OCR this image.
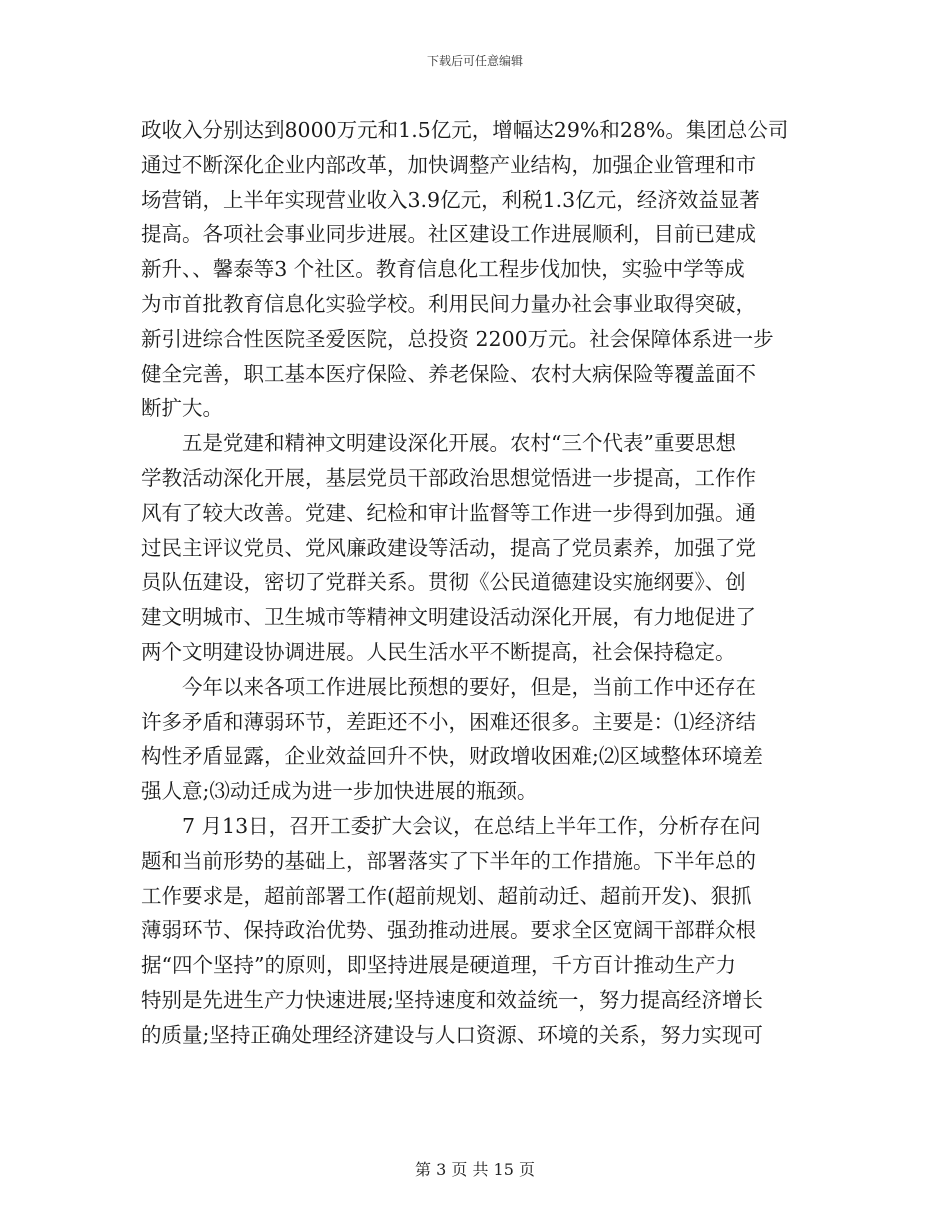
下载后可任意编辑

政收入分别达到8000万元和1.5亿元，增幅达29%和28%。集团总公司
通过不断深化企业内部改革，加快调整产业结构，加强企业管理和市
场营销，上半年实现营业收入3.9亿元，利税1.3亿元，经济效益显著
提高。各项社会事业同步进展。社区建设工作进展顺利，目前已建成
新升、、馨泰等3 个社区。教育信息化工程步伐加快，实验中学等成
为市首批教育信息化实验学校。利用民间力量办社会事业取得突破，
新引进综合性医院圣爱医院，总投资 2200万元。社会保障体系进一步
健全完善，职工基本医疗保险、养老保险、农村大病保险等覆盖面不
断扩大。

　　五是党建和精神文明建设深化开展。农村“三个代表”重要思想
学教活动深化开展，基层党员干部政治思想觉悟进一步提高，工作作
风有了较大改善。党建、纪检和审计监督等工作进一步得到加强。通
过民主评议党员、党风廉政建设等活动，提高了党员素养，加强了党
员队伍建设，密切了党群关系。贯彻《公民道德建设实施纲要》、创
建文明城市、卫生城市等精神文明建设活动深化开展，有力地促进了
两个文明建设协调进展。人民生活水平不断提高，社会保持稳定。

　　今年以来各项工作进展比预想的要好，但是，当前工作中还存在
许多矛盾和薄弱环节，差距还不小，困难还很多。主要是：⑴经济结
构性矛盾显露，企业效益回升不快，财政增收困难;⑵区域整体环境差
强人意;⑶动迁成为进一步加快进展的瓶颈。

　　7 月13日，召开工委扩大会议，在总结上半年工作，分析存在问
题和当前形势的基础上，部署落实了下半年的工作措施。下半年总的
工作要求是，超前部署工作(超前规划、超前动迁、超前开发)、狠抓
薄弱环节、保持政治优势、强劲推动进展。要求全区宽阔干部群众根
据“四个坚持”的原则，即坚持进展是硬道理，千方百计推动生产力
特别是先进生产力快速进展;坚持速度和效益统一，努力提高经济增长
的质量;坚持正确处理经济建设与人口资源、环境的关系，努力实现可

第 3 页 共 15 页
